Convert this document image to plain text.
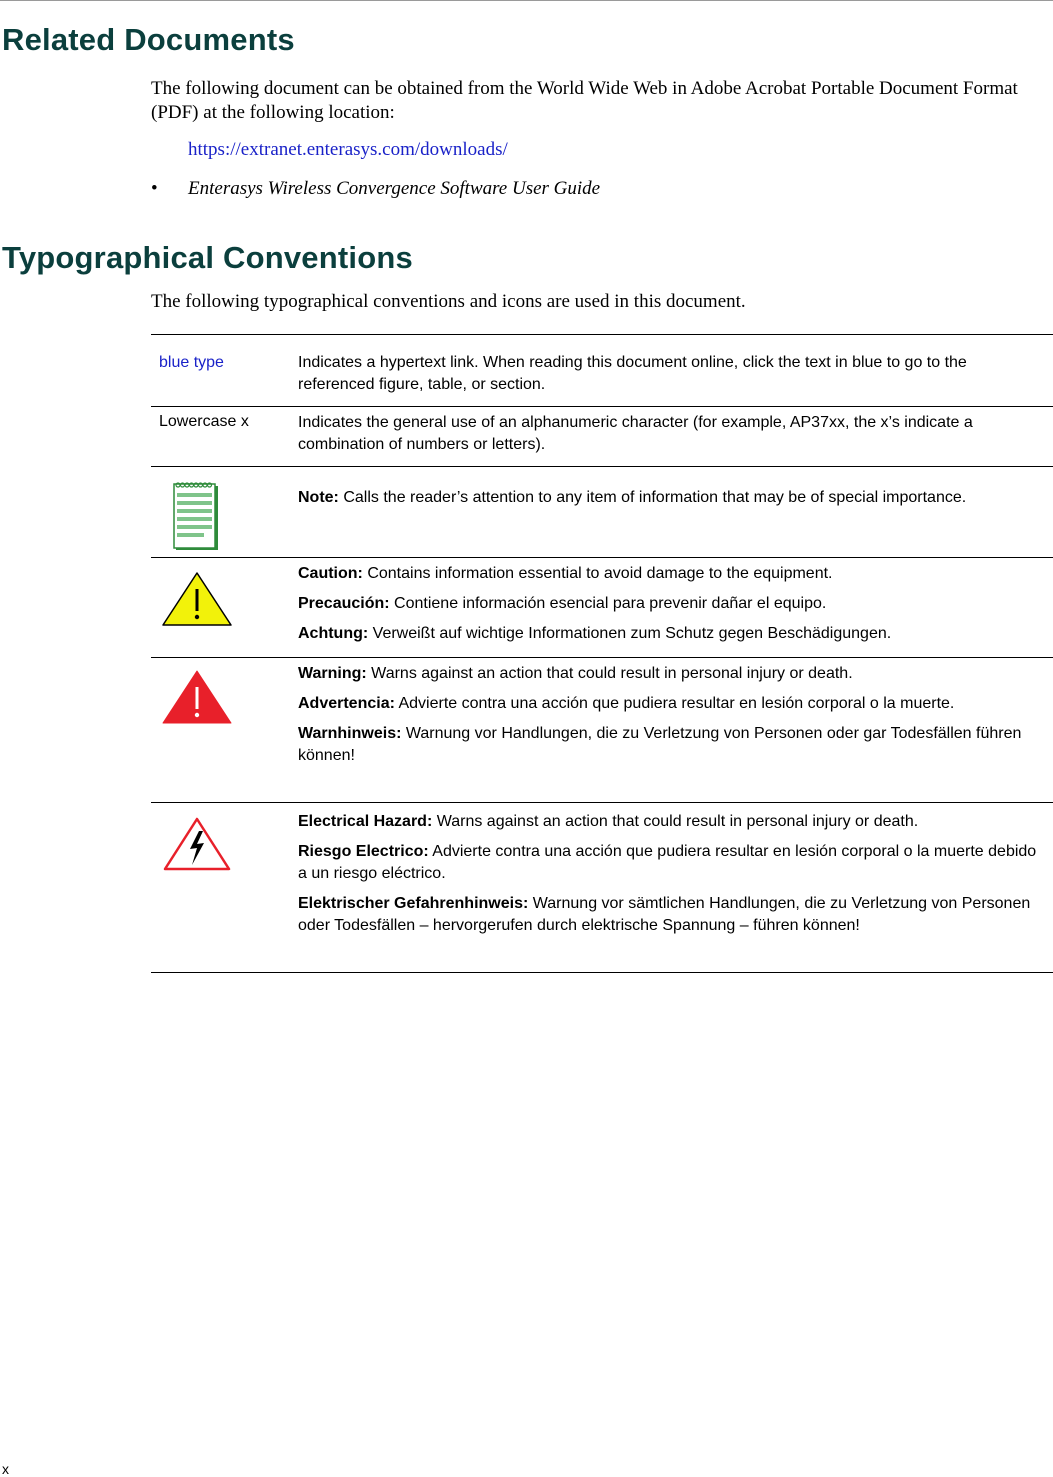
Related Documents

The following document can be obtained from the World Wide Web in Adobe Acrobat Portable Document Format (PDF) at the following location:

https://extranet.enterasys.com/downloads/
• Enterasys Wireless Convergence Software User Guide
Typographical Conventions

The following typographical conventions and icons are used in this document.

blue type	Indicates a hypertext link. When reading this document online, click the text in blue to go to the referenced figure, table, or section.
Lowercase x	Indicates the general use of an alphanumeric character (for example, AP37xx, the x’s indicate a combination of numbers or letters).

Note: Calls the reader’s attention to any item of information that may be of special importance.

Caution: Contains information essential to avoid damage to the equipment.

Precaución: Contiene información esencial para prevenir dañar el equipo.

Achtung: Verweißt auf wichtige Informationen zum Schutz gegen Beschädigungen.

Warning: Warns against an action that could result in personal injury or death.

Advertencia: Advierte contra una acción que pudiera resultar en lesión corporal o la muerte.

Warnhinweis: Warnung vor Handlungen, die zu Verletzung von Personen oder gar Todesfällen führen können!

Electrical Hazard: Warns against an action that could result in personal injury or death.

Riesgo Electrico: Advierte contra una acción que pudiera resultar en lesión corporal o la muerte debido a un riesgo eléctrico.

Elektrischer Gefahrenhinweis: Warnung vor sämtlichen Handlungen, die zu Verletzung von Personen oder Todesfällen – hervorgerufen durch elektrische Spannung – führen können!

x
